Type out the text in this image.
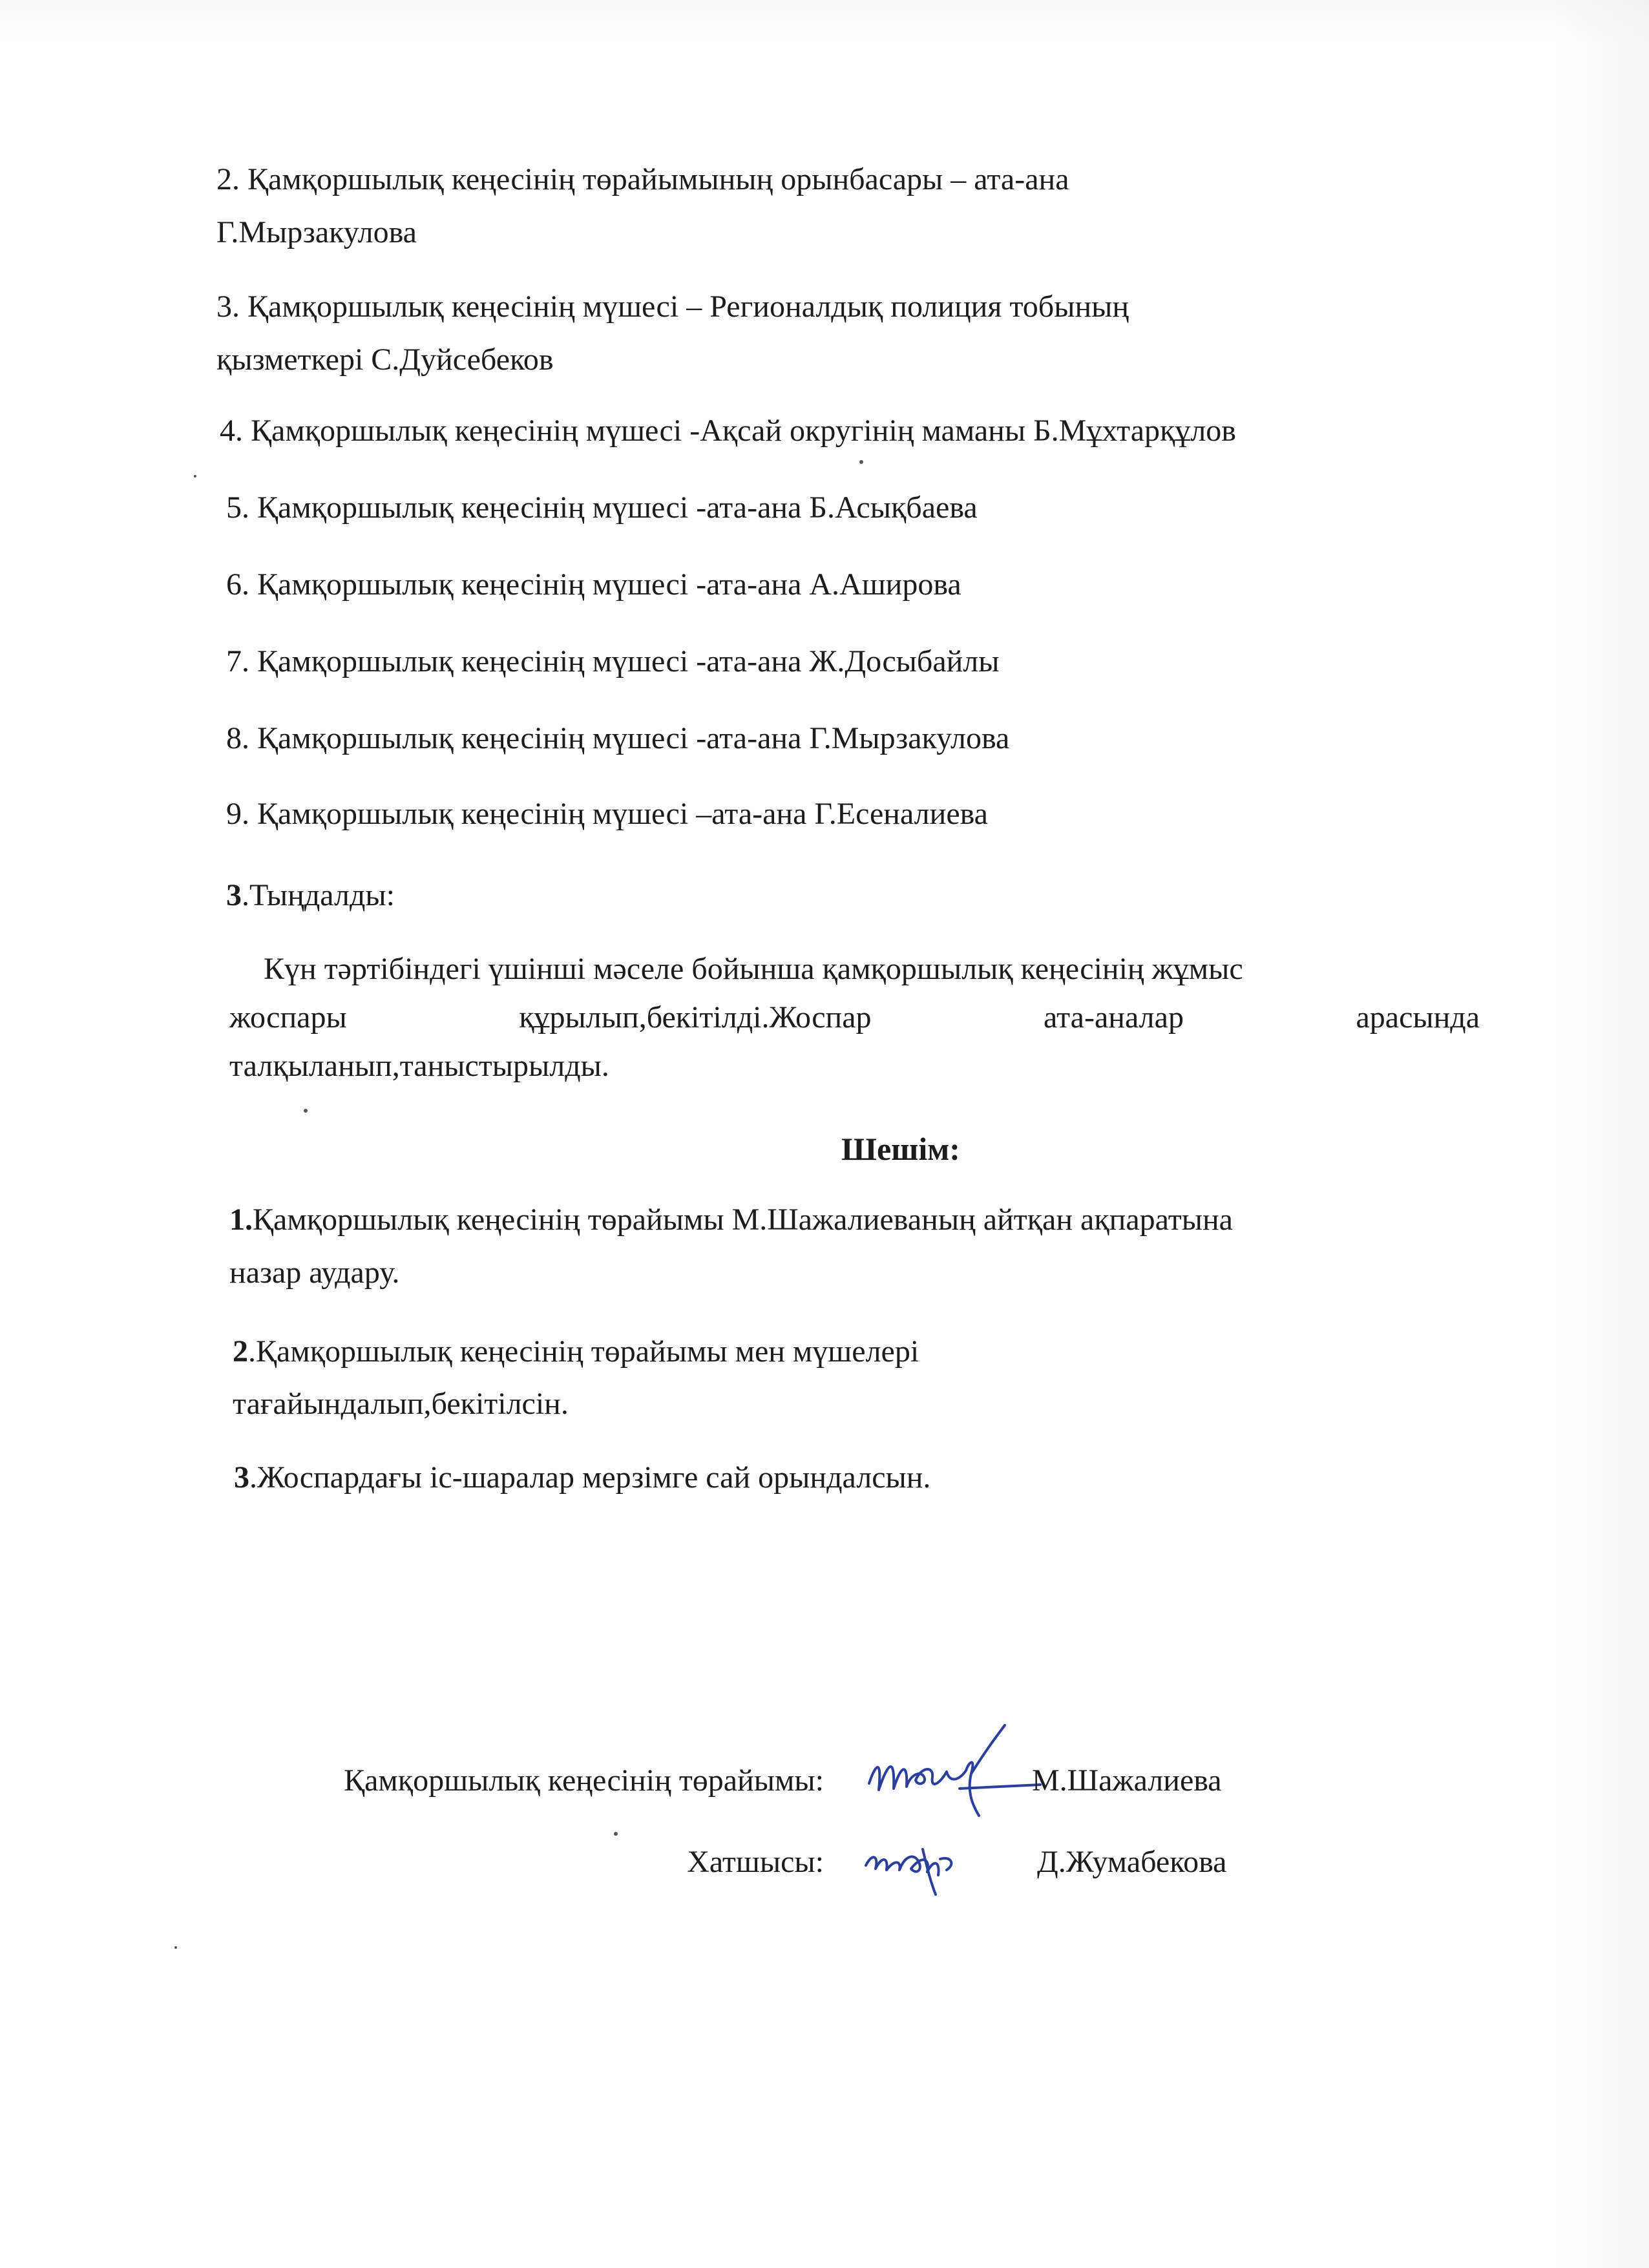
2. Қамқоршылық кеңесінің төрайымының орынбасары – ата-ана
Г.Мырзакулова
3. Қамқоршылық кеңесінің мүшесі – Регионалдық полиция тобының
қызметкері С.Дуйсебеков
4. Қамқоршылық кеңесінің мүшесі -Ақсай округінің маманы Б.Мұхтарқұлов
5. Қамқоршылық кеңесінің мүшесі -ата-ана Б.Асықбаева
6. Қамқоршылық кеңесінің мүшесі -ата-ана А.Аширова
7. Қамқоршылық кеңесінің мүшесі -ата-ана Ж.Досыбайлы
8. Қамқоршылық кеңесінің мүшесі -ата-ана Г.Мырзакулова
9. Қамқоршылық кеңесінің мүшесі –ата-ана Г.Есеналиева
3.Тыңдалды:
Күн тәртібіндегі үшінші мәселе бойынша қамқоршылық кеңесінің жұмыс
жоспары	құрылып,бекітілді.Жоспар	ата-аналар	арасында
талқыланып,таныстырылды.
Шешім:
1.Қамқоршылық кеңесінің төрайымы М.Шажалиеваның айтқан ақпаратына
назар аудару.
2.Қамқоршылық кеңесінің төрайымы мен мүшелері
тағайындалып,бекітілсін.
3.Жоспардағы іс-шаралар мерзімге сай орындалсын.
Қамқоршылық кеңесінің төрайымы:	М.Шажалиева
Хатшысы:	Д.Жумабекова
